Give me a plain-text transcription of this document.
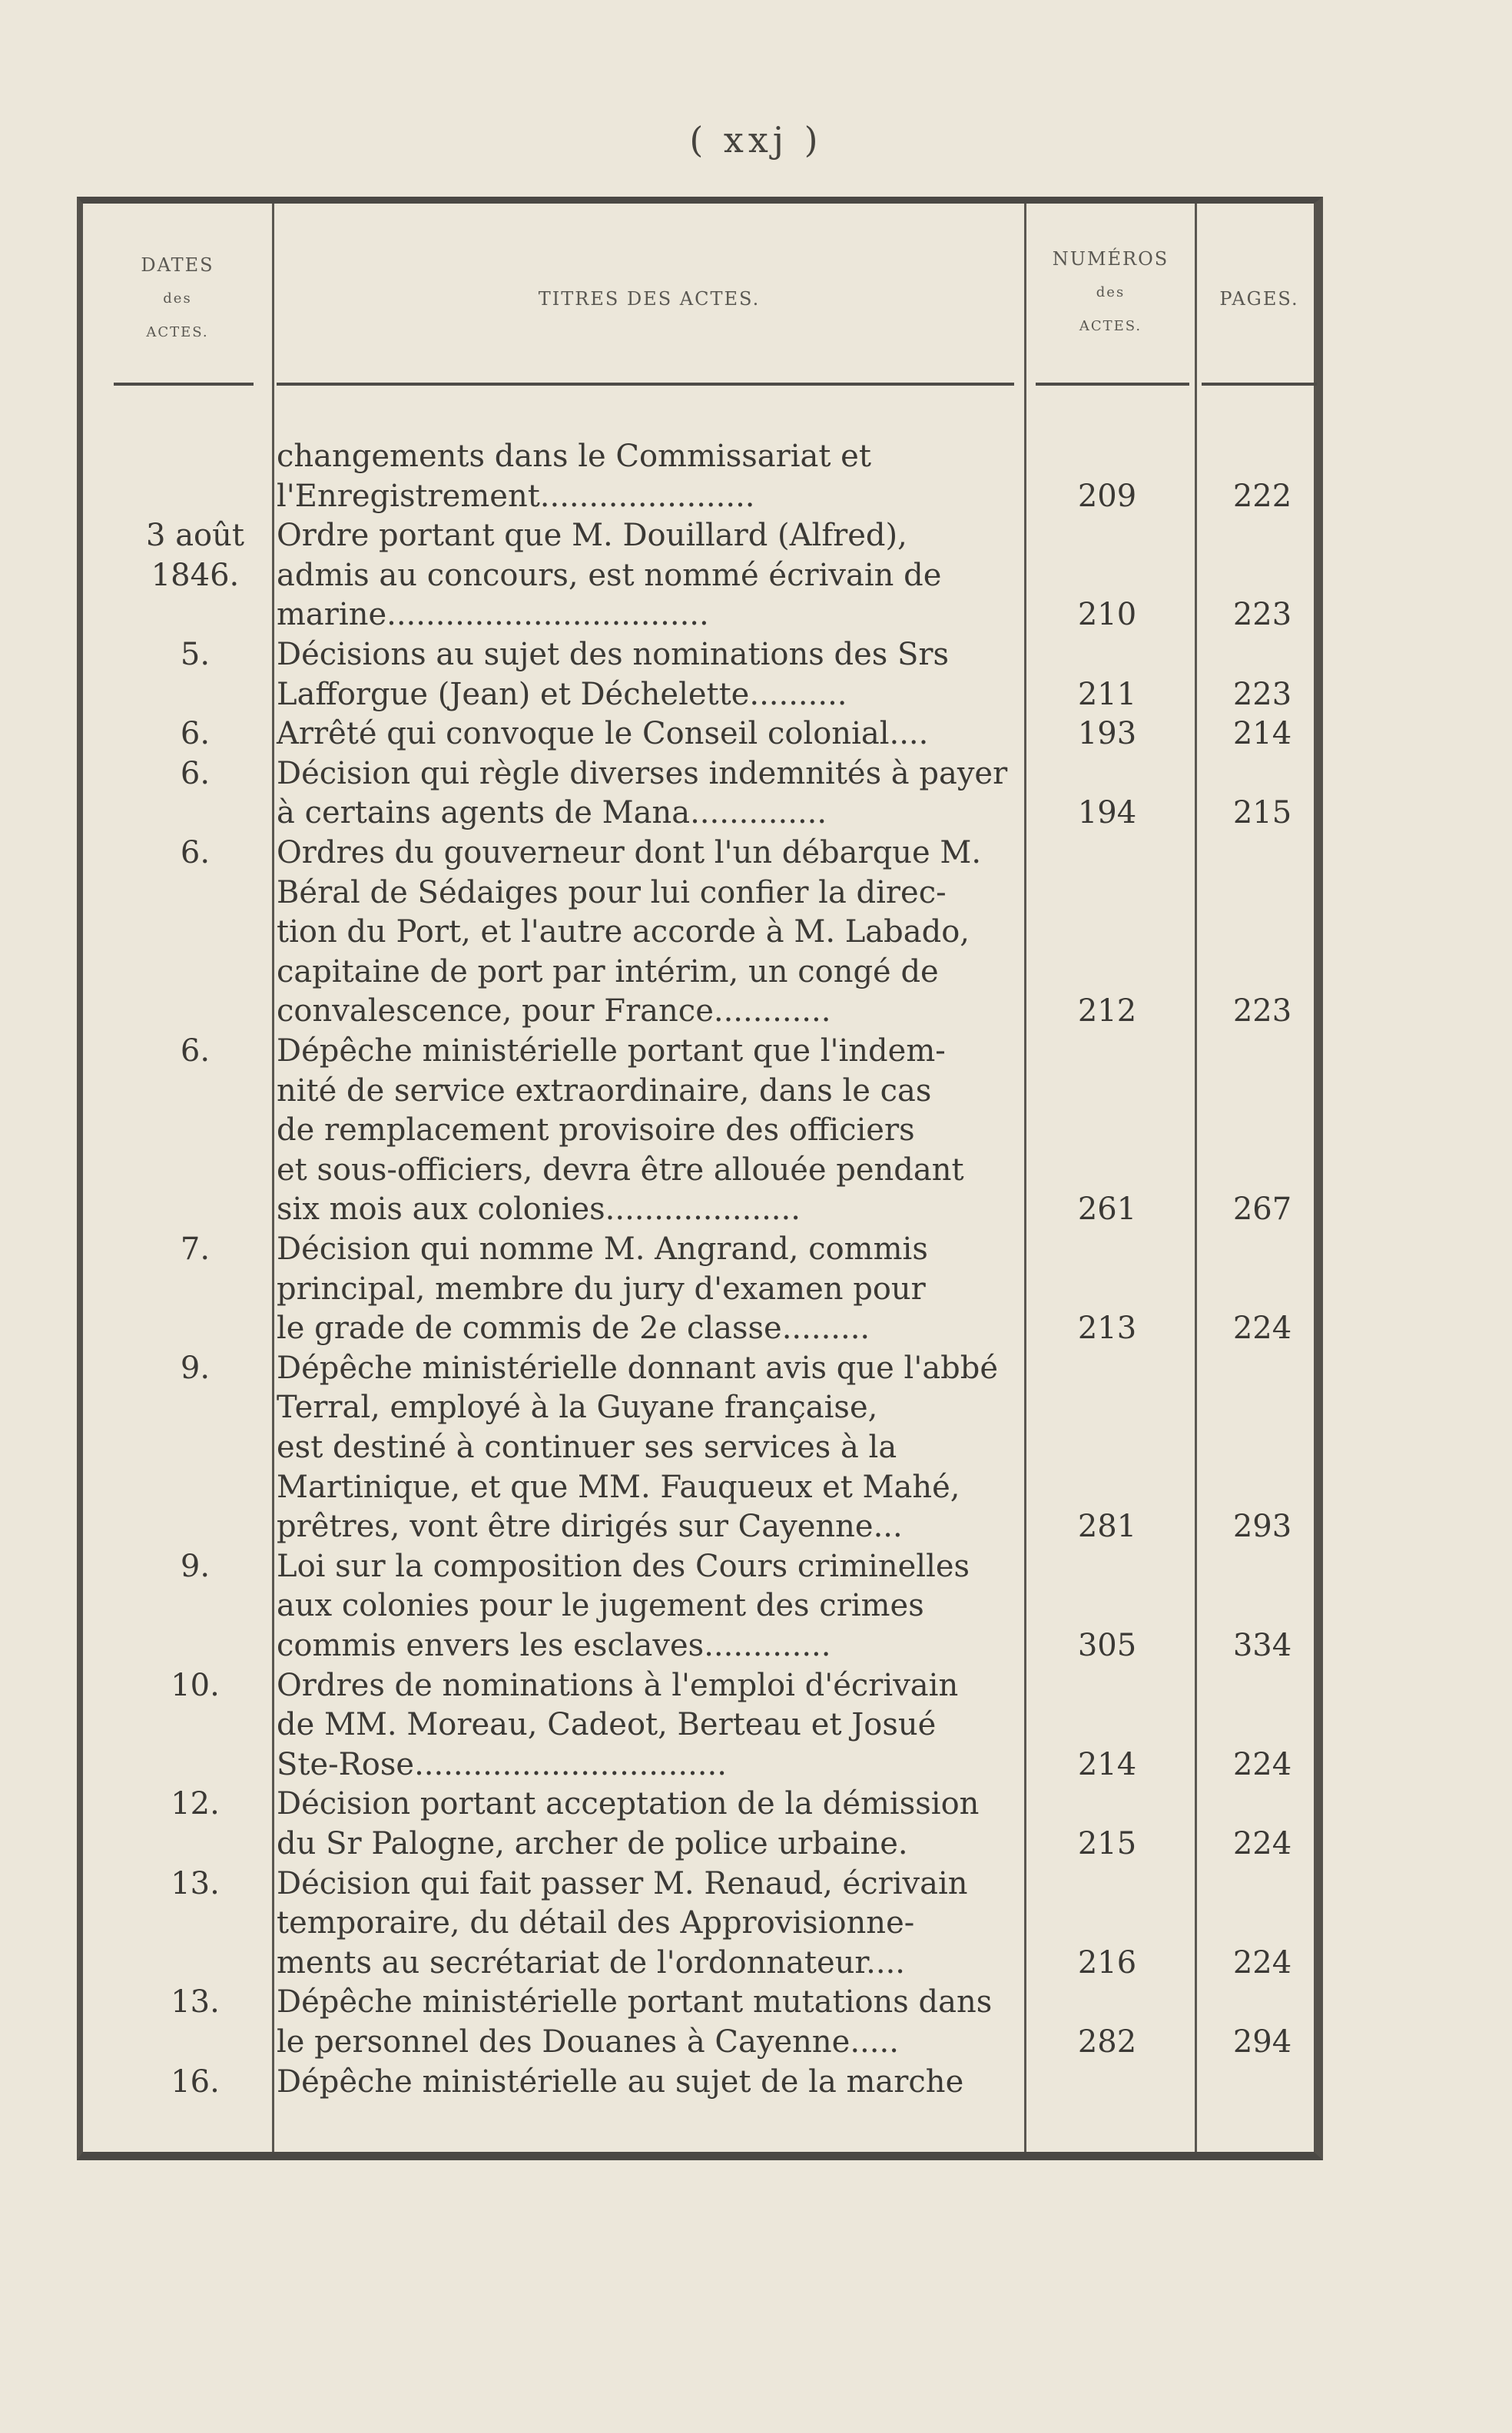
( xxj )
DATES
des
ACTES.
TITRES DES ACTES.
NUMÉROS
des
ACTES.
PAGES.
changements dans le Commissariat et
l'Enregistrement......................	209	222
3 août	Ordre portant que M. Douillard (Alfred),
1846.	admis au concours, est nommé écrivain de
marine.................................	210	223
5.	Décisions au sujet des nominations des Srs
Lafforgue (Jean) et Déchelette..........	211	223
6.	Arrêté qui convoque le Conseil colonial....	193	214
6.	Décision qui règle diverses indemnités à payer
à certains agents de Mana..............	194	215
6.	Ordres du gouverneur dont l'un débarque M.
Béral de Sédaiges pour lui confier la direc-
tion du Port, et l'autre accorde à M. Labado,
capitaine de port par intérim, un congé de
convalescence, pour France............	212	223
6.	Dépêche ministérielle portant que l'indem-
nité de service extraordinaire, dans le cas
de remplacement provisoire des officiers
et sous-officiers, devra être allouée pendant
six mois aux colonies....................	261	267
7.	Décision qui nomme M. Angrand, commis
principal, membre du jury d'examen pour
le grade de commis de 2e classe.........	213	224
9.	Dépêche ministérielle donnant avis que l'abbé
Terral, employé à la Guyane française,
est destiné à continuer ses services à la
Martinique, et que MM. Fauqueux et Mahé,
prêtres, vont être dirigés sur Cayenne...	281	293
9.	Loi sur la composition des Cours criminelles
aux colonies pour le jugement des crimes
commis envers les esclaves.............	305	334
10.	Ordres de nominations à l'emploi d'écrivain
de MM. Moreau, Cadeot, Berteau et Josué
Ste-Rose................................	214	224
12.	Décision portant acceptation de la démission
du Sr Palogne, archer de police urbaine.	215	224
13.	Décision qui fait passer M. Renaud, écrivain
temporaire, du détail des Approvisionne-
ments au secrétariat de l'ordonnateur....	216	224
13.	Dépêche ministérielle portant mutations dans
le personnel des Douanes à Cayenne.....	282	294
16.	Dépêche ministérielle au sujet de la marche
